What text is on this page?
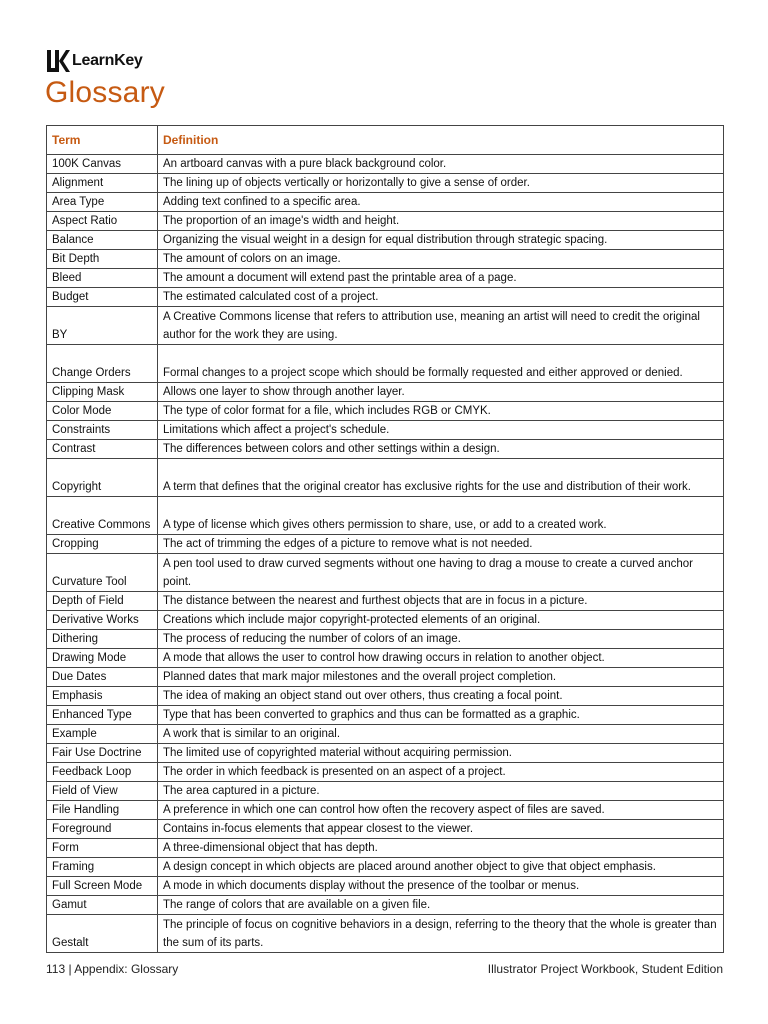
LearnKey
Glossary
Term	Definition
100K Canvas	An artboard canvas with a pure black background color.
Alignment	The lining up of objects vertically or horizontally to give a sense of order.
Area Type	Adding text confined to a specific area.
Aspect Ratio	The proportion of an image's width and height.
Balance	Organizing the visual weight in a design for equal distribution through strategic spacing.
Bit Depth	The amount of colors on an image.
Bleed	The amount a document will extend past the printable area of a page.
Budget	The estimated calculated cost of a project.
BY	A Creative Commons license that refers to attribution use, meaning an artist will need to credit the original author for the work they are using.
Change Orders	Formal changes to a project scope which should be formally requested and either approved or denied.
Clipping Mask	Allows one layer to show through another layer.
Color Mode	The type of color format for a file, which includes RGB or CMYK.
Constraints	Limitations which affect a project's schedule.
Contrast	The differences between colors and other settings within a design.
Copyright	A term that defines that the original creator has exclusive rights for the use and distribution of their work.
Creative Commons	A type of license which gives others permission to share, use, or add to a created work.
Cropping	The act of trimming the edges of a picture to remove what is not needed.
Curvature Tool	A pen tool used to draw curved segments without one having to drag a mouse to create a curved anchor point.
Depth of Field	The distance between the nearest and furthest objects that are in focus in a picture.
Derivative Works	Creations which include major copyright-protected elements of an original.
Dithering	The process of reducing the number of colors of an image.
Drawing Mode	A mode that allows the user to control how drawing occurs in relation to another object.
Due Dates	Planned dates that mark major milestones and the overall project completion.
Emphasis	The idea of making an object stand out over others, thus creating a focal point.
Enhanced Type	Type that has been converted to graphics and thus can be formatted as a graphic.
Example	A work that is similar to an original.
Fair Use Doctrine	The limited use of copyrighted material without acquiring permission.
Feedback Loop	The order in which feedback is presented on an aspect of a project.
Field of View	The area captured in a picture.
File Handling	A preference in which one can control how often the recovery aspect of files are saved.
Foreground	Contains in-focus elements that appear closest to the viewer.
Form	A three-dimensional object that has depth.
Framing	A design concept in which objects are placed around another object to give that object emphasis.
Full Screen Mode	A mode in which documents display without the presence of the toolbar or menus.
Gamut	The range of colors that are available on a given file.
Gestalt	The principle of focus on cognitive behaviors in a design, referring to the theory that the whole is greater than the sum of its parts.
113 | Appendix: Glossary	Illustrator Project Workbook, Student Edition
